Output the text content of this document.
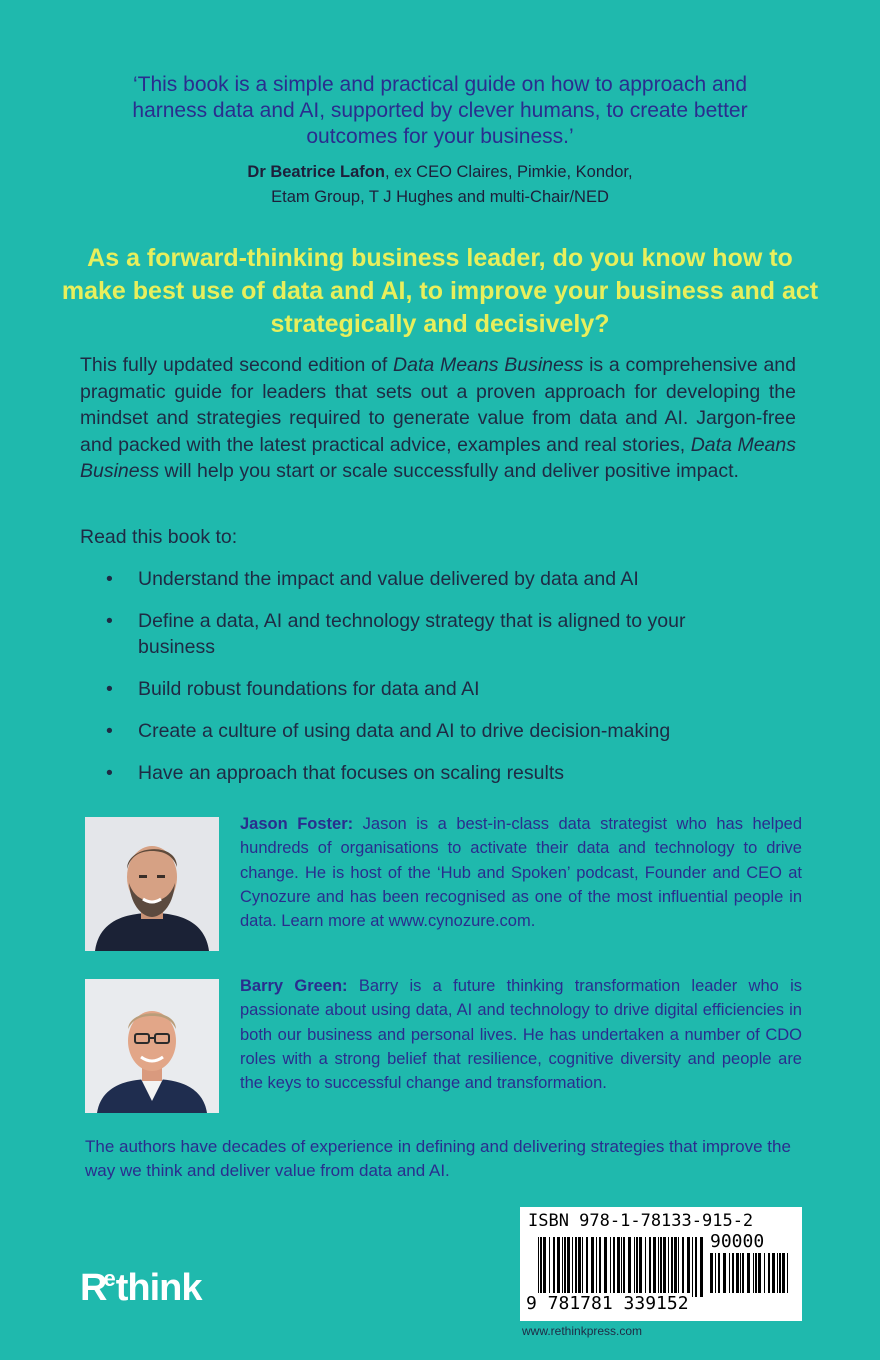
‘This book is a simple and practical guide on how to approach and harness data and AI, supported by clever humans, to create better outcomes for your business.’
Dr Beatrice Lafon, ex CEO Claires, Pimkie, Kondor,
Etam Group, T J Hughes and multi-Chair/NED
As a forward-thinking business leader, do you know how to make best use of data and AI, to improve your business and act strategically and decisively?
This fully updated second edition of Data Means Business is a comprehensive and pragmatic guide for leaders that sets out a proven approach for developing the mindset and strategies required to generate value from data and AI. Jargon-free and packed with the latest practical advice, examples and real stories, Data Means Business will help you start or scale successfully and deliver positive impact.
Read this book to:
• Understand the impact and value delivered by data and AI
• Define a data, AI and technology strategy that is aligned to your business
• Build robust foundations for data and AI
• Create a culture of using data and AI to drive decision-making
• Have an approach that focuses on scaling results
Jason Foster: Jason is a best-in-class data strategist who has helped hundreds of organisations to activate their data and technology to drive change. He is host of the ‘Hub and Spoken’ podcast, Founder and CEO at Cynozure and has been recognised as one of the most influential people in data. Learn more at www.cynozure.com.
Barry Green: Barry is a future thinking transformation leader who is passionate about using data, AI and technology to drive digital efficiencies in both our business and personal lives. He has undertaken a number of CDO roles with a strong belief that resilience, cognitive diversity and people are the keys to successful change and transformation.
The authors have decades of experience in defining and delivering strategies that improve the way we think and deliver value from data and AI.
$R^ethink$
ISBN 978-1-78133-915-2
90000
9 781781 339152
www.rethinkpress.com
